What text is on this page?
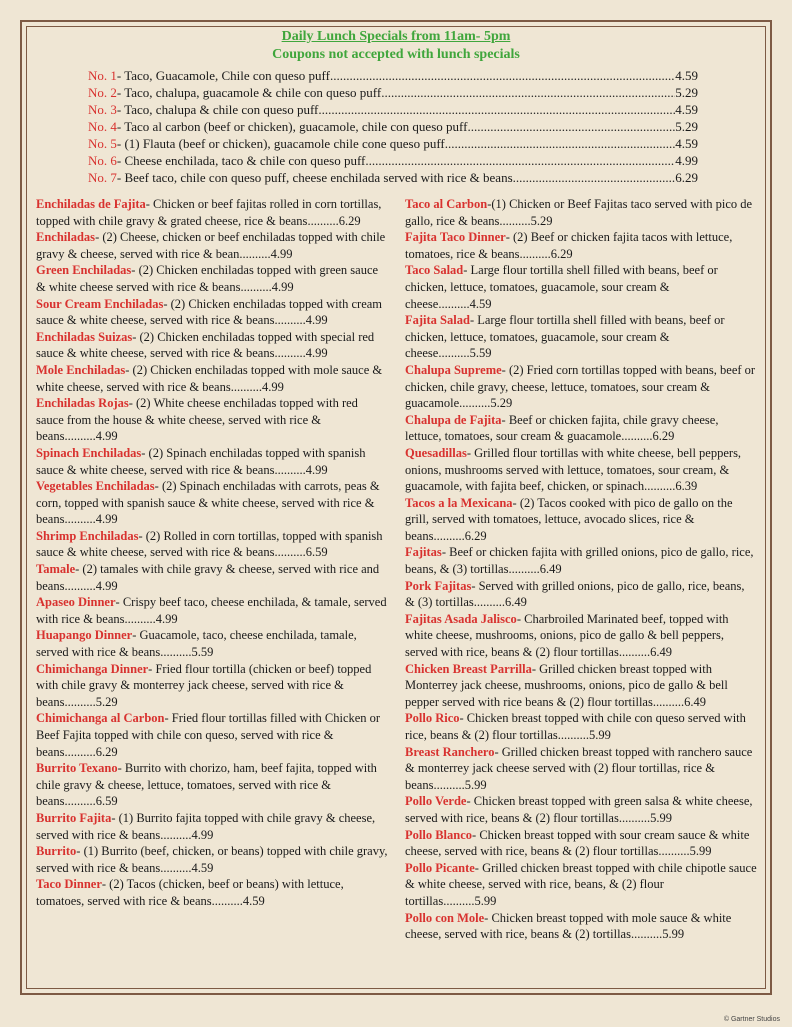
Daily Lunch Specials from 11am- 5pm

Coupons not accepted with lunch specials

No. 1 - Taco, Guacamole, Chile con queso puff .....	4.59
No. 2 - Taco, chalupa, guacamole & chile con queso puff .....	5.29
No. 3 - Taco, chalupa & chile con queso puff .....	4.59
No. 4 - Taco al carbon (beef or chicken), guacamole, chile con queso puff .....	5.29
No. 5 - (1) Flauta (beef or chicken), guacamole chile cone queso puff .....	4.59
No. 6 - Cheese enchilada, taco & chile con queso puff .....	4.99
No. 7 - Beef taco, chile con queso puff, cheese enchilada served with rice & beans .....	6.29

Enchiladas de Fajita- Chicken or beef fajitas rolled in corn tortillas, topped with chile gravy & grated cheese, rice & beans..........6.29

Enchiladas- (2) Cheese, chicken or beef enchiladas topped with chile gravy & cheese, served with rice & bean..........4.99

Green Enchiladas- (2) Chicken enchiladas topped with green sauce & white cheese served with rice & beans..........4.99

Sour Cream Enchiladas- (2) Chicken enchiladas topped with cream sauce & white cheese, served with rice & beans..........4.99

Enchiladas Suizas- (2) Chicken enchiladas topped with special red sauce & white cheese, served with rice & beans..........4.99

Mole Enchiladas- (2) Chicken enchiladas topped with mole sauce & white cheese, served with rice & beans..........4.99

Enchiladas Rojas- (2) White cheese enchiladas topped with red sauce from the house & white cheese, served with rice & beans..........4.99

Spinach Enchiladas- (2) Spinach enchiladas topped with spanish sauce & white cheese, served with rice & beans..........4.99

Vegetables Enchiladas- (2) Spinach enchiladas with carrots, peas & corn, topped with spanish sauce & white cheese, served with rice & beans..........4.99

Shrimp Enchiladas- (2) Rolled in corn tortillas, topped with spanish sauce & white cheese, served with rice & beans..........6.59

Tamale- (2) tamales with chile gravy & cheese, served with rice and beans..........4.99

Apaseo Dinner- Crispy beef taco, cheese enchilada, & tamale, served with rice & beans..........4.99

Huapango Dinner- Guacamole, taco, cheese enchilada, tamale, served with rice & beans..........5.59

Chimichanga Dinner- Fried flour tortilla (chicken or beef) topped with chile gravy & monterrey jack cheese, served with rice & beans..........5.29

Chimichanga al Carbon- Fried flour tortillas filled with Chicken or Beef Fajita topped with chile con queso, served with rice & beans..........6.29

Burrito Texano- Burrito with chorizo, ham, beef fajita, topped with chile gravy & cheese, lettuce, tomatoes, served with rice & beans..........6.59

Burrito Fajita- (1) Burrito fajita topped with chile gravy & cheese, served with rice & beans..........4.99

Burrito- (1) Burrito (beef, chicken, or beans) topped with chile gravy, served with rice & beans..........4.59

Taco Dinner- (2) Tacos (chicken, beef or beans) with lettuce, tomatoes, served with rice & beans..........4.59

Taco al Carbon-(1) Chicken or Beef Fajitas taco served with pico de gallo, rice & beans..........5.29

Fajita Taco Dinner- (2) Beef or chicken fajita tacos with lettuce, tomatoes, rice & beans..........6.29

Taco Salad- Large flour tortilla shell filled with beans, beef or chicken, lettuce, tomatoes, guacamole, sour cream & cheese..........4.59

Fajita Salad- Large flour tortilla shell filled with beans, beef or chicken, lettuce, tomatoes, guacamole, sour cream & cheese..........5.59

Chalupa Supreme- (2) Fried corn tortillas topped with beans, beef or chicken, chile gravy, cheese, lettuce, tomatoes, sour cream & guacamole..........5.29

Chalupa de Fajita- Beef or chicken fajita, chile gravy cheese, lettuce, tomatoes, sour cream & guacamole..........6.29

Quesadillas- Grilled flour tortillas with white cheese, bell peppers, onions, mushrooms served with lettuce, tomatoes, sour cream, & guacamole, with fajita beef, chicken, or spinach..........6.39

Tacos a la Mexicana- (2) Tacos cooked with pico de gallo on the grill, served with tomatoes, lettuce, avocado slices, rice & beans..........6.29

Fajitas- Beef or chicken fajita with grilled onions, pico de gallo, rice, beans, & (3) tortillas..........6.49

Pork Fajitas- Served with grilled onions, pico de gallo, rice, beans, & (3) tortillas..........6.49

Fajitas Asada Jalisco- Charbroiled Marinated beef, topped with white cheese, mushrooms, onions, pico de gallo & bell peppers, served with rice, beans & (2) flour tortillas..........6.49

Chicken Breast Parrilla- Grilled chicken breast topped with Monterrey jack cheese, mushrooms, onions, pico de gallo & bell pepper served with rice beans & (2) flour tortillas..........6.49

Pollo Rico- Chicken breast topped with chile con queso served with rice, beans & (2) flour tortillas..........5.99

Breast Ranchero- Grilled chicken breast topped with ranchero sauce & monterrey jack cheese served with (2) flour tortillas, rice & beans..........5.99

Pollo Verde- Chicken breast topped with green salsa & white cheese, served with rice, beans & (2) flour tortillas..........5.99

Pollo Blanco- Chicken breast topped with sour cream sauce & white cheese, served with rice, beans & (2) flour tortillas..........5.99

Pollo Picante- Grilled chicken breast topped with chile chipotle sauce & white cheese, served with rice, beans, & (2) flour tortillas..........5.99

Pollo con Mole- Chicken breast topped with mole sauce & white cheese, served with rice, beans & (2) tortillas..........5.99

© Gartner Studios
